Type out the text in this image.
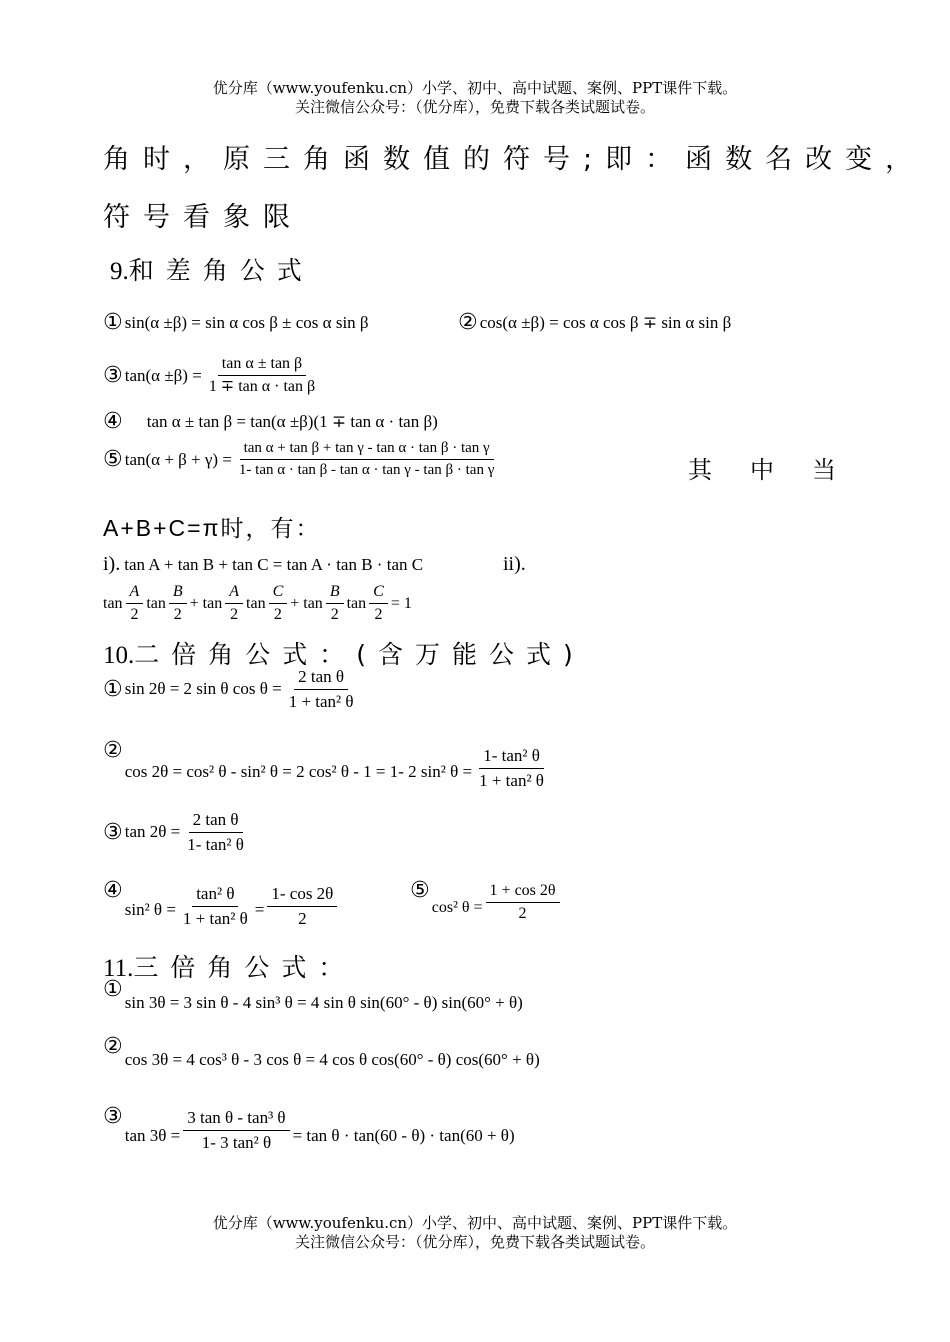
优分库（www.youfenku.cn）小学、初中、高中试题、案例、PPT课件下载。
关注微信公众号：（优分库），免费下载各类试题试卷。
角时，原三角函数值的符号;即：函数名改变，
符号看象限
9.和差角公式
① sin(α ±β) = sin α cos β ± cos α sin β	② cos(α ±β) = cos α cos β ∓ sin α sin β
③ $\tan(\alpha \pm\beta) = \frac{\text{tan α ± tan β}}{\text{1 ∓ tan α · tan β}}$
④ tan α ± tan β = tan(α ±β)(1 ∓ tan α · tan β)
⑤ $\tan(\alpha + \beta + \gamma) = \frac{\text{tan α + tan β + tan γ - tan α · tan β · tan γ}}{\text{1- tan α · tan β - tan α · tan γ - tan β · tan γ}}$	其中当
A+B+C=π时，有：
i). tan A + tan B + tan C = tan A · tan B · tan C	ii).
$\tan \frac{A}{2}$ $\tan \frac{B}{2} + \tan \frac{A}{2}$ $\tan \frac{C}{2} + \tan \frac{B}{2}$ $\tan \frac{C}{2} = 1$
10.二倍角公式：(含万能公式)
① sin 2θ = 2 sin θ $\cos \theta = \frac{\text{2 tan θ}}{\text{1 + tan² θ}}$
②
cos 2θ = cos² θ - sin² θ = 2 cos² θ - 1 = 1- 2 sin² $\theta = \frac{\text{1- tan² θ}}{\text{1 + tan² θ}}$
③ $\tan 2\theta = \frac{\text{2 tan θ}}{\text{1- tan² θ}}$
④
sin² $\theta = \frac{\text{tan² θ}}{\text{1 + tan² θ}} = \frac{1- \cos 2\theta}{2}$	⑤
cos² $\theta = \frac{1 + \cos 2\theta}{2}$
11.三倍角公式：
①
sin 3θ = 3 sin θ - 4 sin³ θ = 4 sin θ sin(60° - θ) sin(60° + θ)
②
cos 3θ = 4 cos³ θ - 3 cos θ = 4 cos θ cos(60° - θ) cos(60° + θ)
③
$\tan 3\theta = \frac{\text{3 tan θ - tan³ θ}}{\text{1- 3 tan² θ}} = \tan \theta \cdot \tan(60 - \theta) \cdot \tan(60 + \theta)$
优分库（www.youfenku.cn）小学、初中、高中试题、案例、PPT课件下载。
关注微信公众号：（优分库），免费下载各类试题试卷。
